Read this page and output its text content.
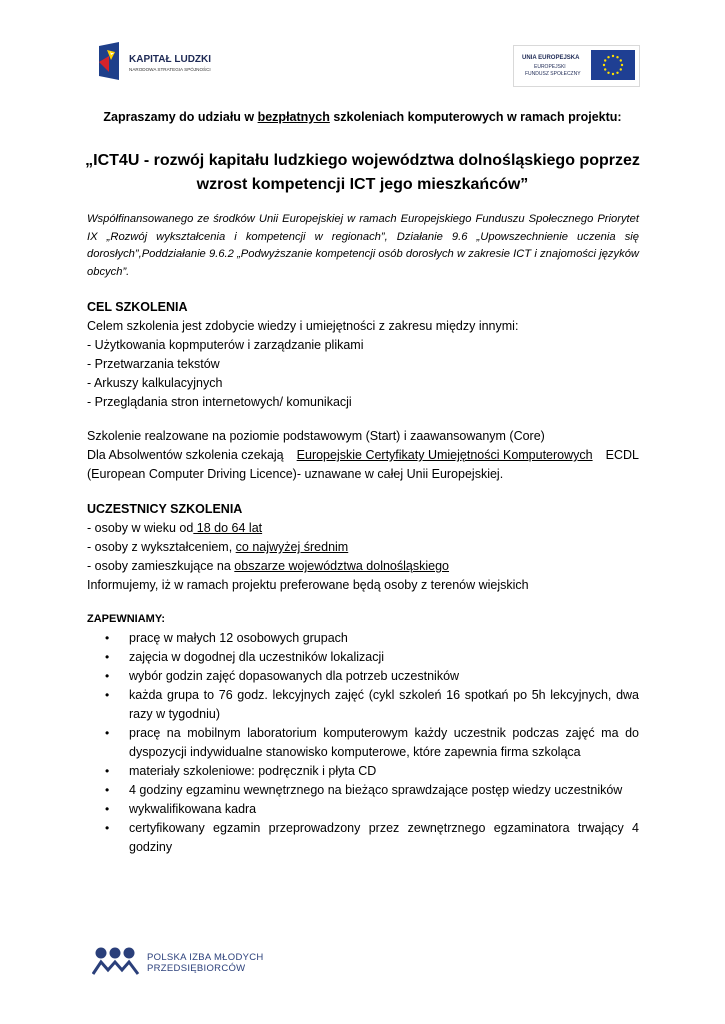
KAPITAŁ LUDZKI
NARODOWA STRATEGIA SPÓJNOŚCI
UNIA EUROPEJSKA
EUROPEJSKI
FUNDUSZ SPOŁECZNY
Zapraszamy do udziału w bezpłatnych szkoleniach komputerowych w ramach projektu:
„ICT4U - rozwój kapitału ludzkiego województwa dolnośląskiego poprzez wzrost kompetencji ICT jego mieszkańców”
Współfinansowanego ze środków Unii Europejskiej w ramach Europejskiego Funduszu Społecznego Priorytet IX „Rozwój wykształcenia i kompetencji w regionach”, Działanie 9.6 „Upowszechnienie uczenia się dorosłych”,Poddziałanie 9.6.2 „Podwyższanie kompetencji osób dorosłych w zakresie ICT i znajomości języków obcych”.
CEL SZKOLENIA
Celem szkolenia jest zdobycie wiedzy i umiejętności z zakresu między innymi:
- Użytkowania kopmputerów i zarządzanie plikami
- Przetwarzania tekstów
- Arkuszy kalkulacyjnych
- Przeglądania stron internetowych/ komunikacji
Szkolenie realzowane na poziomie podstawowym (Start) i zaawansowanym (Core)
Dla Absolwentów szkolenia czekają Europejskie Certyfikaty Umiejętności Komputerowych ECDL
(European Computer Driving Licence)- uznawane w całej Unii Europejskiej.
UCZESTNICY SZKOLENIA
- osoby w wieku od 18 do 64 lat
- osoby z wykształceniem, co najwyżej średnim
- osoby zamieszkujące na obszarze województwa dolnośląskiego
Informujemy, iż w ramach projektu preferowane będą osoby z terenów wiejskich
ZAPEWNIAMY:
• pracę w małych 12 osobowych grupach
• zajęcia w dogodnej dla uczestników lokalizacji
• wybór godzin zajęć dopasowanych dla potrzeb uczestników
• każda grupa to 76 godz. lekcyjnych zajęć (cykl szkoleń 16 spotkań po 5h lekcyjnych, dwa razy w tygodniu)
• pracę na mobilnym laboratorium komputerowym każdy uczestnik podczas zajęć ma do dyspozycji indywidualne stanowisko komputerowe, które zapewnia firma szkoląca
• materiały szkoleniowe: podręcznik i płyta CD
• 4 godziny egzaminu wewnętrznego na bieżąco sprawdzające postęp wiedzy uczestników
• wykwalifikowana kadra
• certyfikowany egzamin przeprowadzony przez zewnętrznego egzaminatora trwający 4 godziny
POLSKA IZBA MŁODYCH
PRZEDSIĘBIORCÓW
